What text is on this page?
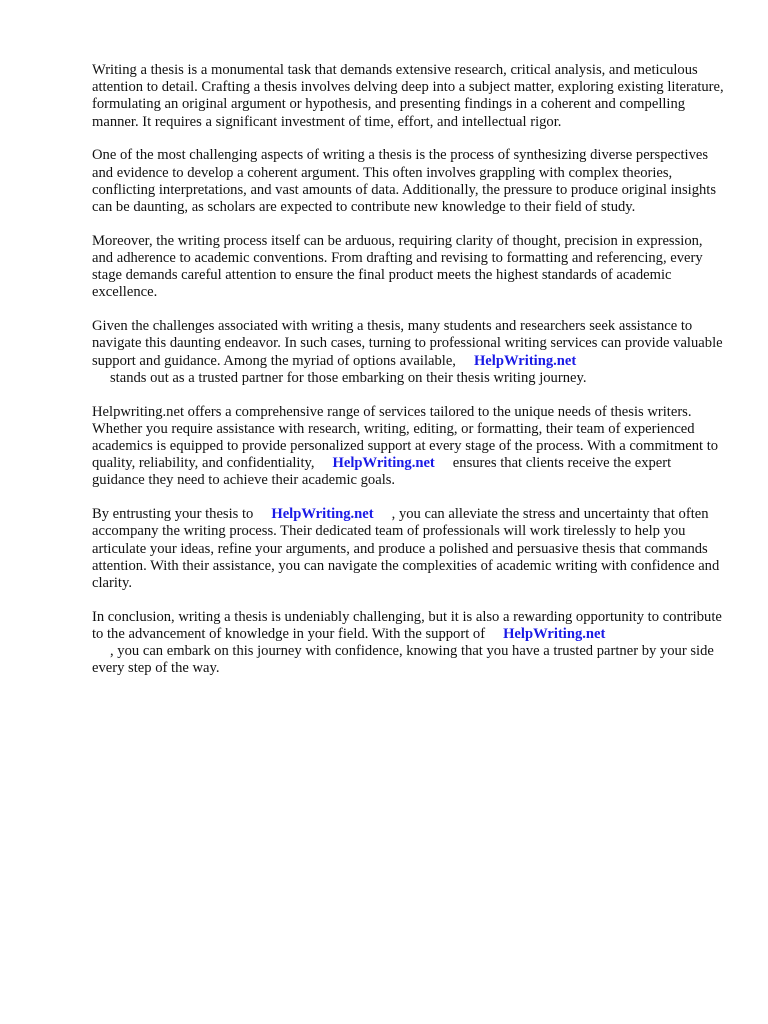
Writing a thesis is a monumental task that demands extensive research, critical analysis, and meticulous attention to detail. Crafting a thesis involves delving deep into a subject matter, exploring existing literature, formulating an original argument or hypothesis, and presenting findings in a coherent and compelling manner. It requires a significant investment of time, effort, and intellectual rigor.

One of the most challenging aspects of writing a thesis is the process of synthesizing diverse perspectives and evidence to develop a coherent argument. This often involves grappling with complex theories, conflicting interpretations, and vast amounts of data. Additionally, the pressure to produce original insights can be daunting, as scholars are expected to contribute new knowledge to their field of study.

Moreover, the writing process itself can be arduous, requiring clarity of thought, precision in expression, and adherence to academic conventions. From drafting and revising to formatting and referencing, every stage demands careful attention to ensure the final product meets the highest standards of academic excellence.

Given the challenges associated with writing a thesis, many students and researchers seek assistance to navigate this daunting endeavor. In such cases, turning to professional writing services can provide valuable support and guidance. Among the myriad of options available, HelpWriting.net
stands out as a trusted partner for those embarking on their thesis writing journey.

Helpwriting.net offers a comprehensive range of services tailored to the unique needs of thesis writers. Whether you require assistance with research, writing, editing, or formatting, their team of experienced academics is equipped to provide personalized support at every stage of the process. With a commitment to quality, reliability, and confidentiality, HelpWriting.net ensures that clients receive the expert guidance they need to achieve their academic goals.

By entrusting your thesis to HelpWriting.net , you can alleviate the stress and uncertainty that often accompany the writing process. Their dedicated team of professionals will work tirelessly to help you articulate your ideas, refine your arguments, and produce a polished and persuasive thesis that commands attention. With their assistance, you can navigate the complexities of academic writing with confidence and clarity.

In conclusion, writing a thesis is undeniably challenging, but it is also a rewarding opportunity to contribute to the advancement of knowledge in your field. With the support of HelpWriting.net
, you can embark on this journey with confidence, knowing that you have a trusted partner by your side every step of the way.
